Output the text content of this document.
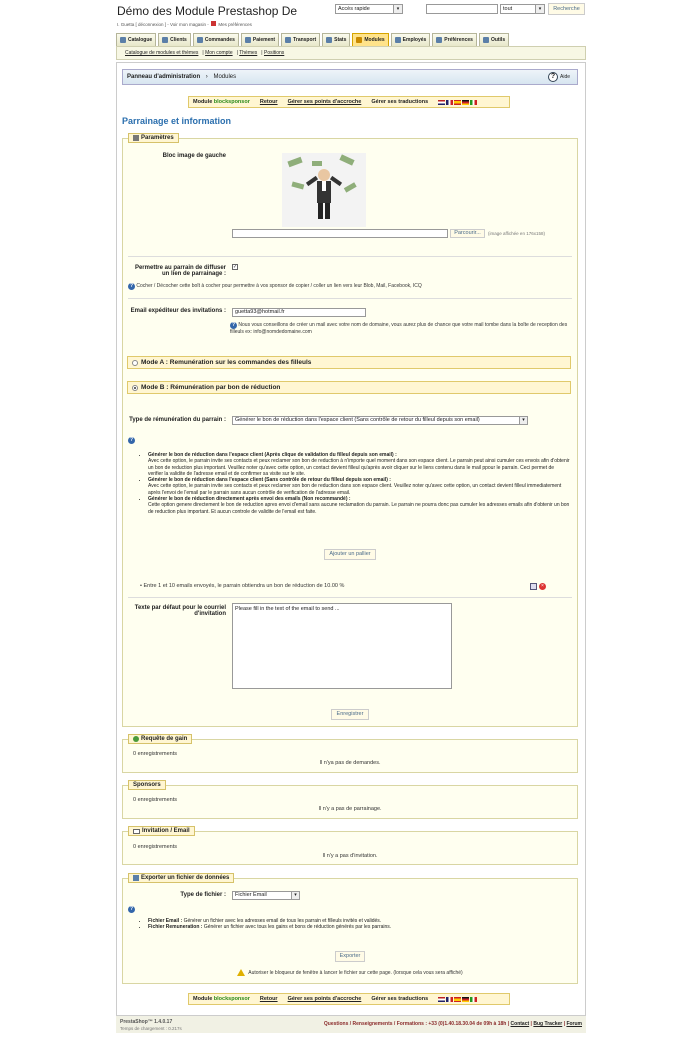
Démo des Module Prestashop De
I. Guetta [ déconnexion ] - Voir mon magasin - Mes préférences
Accès rapide	▾	tout	▾	Recherche
Catalogue	Clients	Commandes	Paiement	Transport	Stats	Modules	Employés	Préférences	Outils
Catalogue de modules et thèmes | Mon compte | Thèmes | Positions
Panneau d'administration › Modules	? Aide
Module blocksponsor Retour Gérer ses points d'accroche Gérer ses traductions
Parrainage et information
Paramètres
Bloc image de gauche
Parcourir...	(image affichée en 176x158)
Permettre au parrain de diffuser un lien de parrainage :
✓
? Cocher / Décocher cette boît à cocher pour permettre à vos sponsor de copier / coller un lien vers leur Blob, Mail, Facebook, ICQ
Email expéditeur des invitations :	guetta93@hotmail.fr
? Nous vous conseillons de créer un mail avec votre nom de domaine, vous aurez plus de chance que votre mail tombe dans la boîte de reception des filleuls ex: info@nomdedomaine.com
Mode A : Remunération sur les commandes des filleuls
Mode B : Rémunération par bon de réduction
Type de rémunération du parrain :	Générer le bon de réduction dans l'espace client (Sans contrôle de retour du filleul depuis son email)	▾
?
• Générer le bon de réduction dans l'espace client (Après clique de validation du filleul depuis son email) :
Avec cette option, le parrain invite ses contacts et peux reclamer son bon de reduction à n'importe quel moment dans son espace client. Le parrain peut ainsi cumuler ces envois afin d'obtenir un bon de reduction plus important. Veuillez noter qu'avec cette option, un contact devient filleul qu'après avoir cliquer sur le liens contenu dans le mail ppour le parrain. Ceci permet de verifier la validite de l'adresse email et de confirmer sa visite sur le site.
• Générer le bon de réduction dans l'espace client (Sans contrôle de retour du filleul depuis son email) :
Avec cette option, le parrain invite ses contacts et peux reclamer son bon de reduction dans son espace client. Veuillez noter qu'avec cette option, un contact devient filleul immediatement après l'envoi de l'email par le parrain sans aucun contrôle de verification de l'adresse email.
• Générer le bon de réduction directement après envoi des emails (Non recommandé) :
Cette option genere directement le bon de reduction apres envoi d'email sans aucune reclamation du parrain. Le parrain ne pourra donc pas cumuler les adresses emails afin d'obtenir un bon de reduction plus important. Et aucun controle de validite de l'email est faite.
Ajouter un pallier
• Entre 1 et 10 emails envoyés, le parrain obtiendra un bon de réduction de 10.00 %	×
Texte par défaut pour le courriel d'invitation
Please fill in the text of the email to send ...
Enregistrer
Requête de gain
0 enregistrements
Il n'ya pas de demandes.
Sponsors
0 enregistrements
Il n'y a pas de parrainage.
Invitation / Email
0 enregistrements
Il n'y a pas d'invitation.
Exporter un fichier de données
Type de fichier :	Fichier Email	▾
?
• Fichier Email : Générer un fichier avec les adresses email de tous les parrain et filleuls invités et validés.
• Fichier Remuneration : Générer un fichier avec tous les gains et bons de réduction générés par les parrains.
Exporter
Autoriser le bloqueur de fenêtre à lancer le fichier sur cette page. (lorsque cela vous sera affiché)
Module blocksponsor Retour Gérer ses points d'accroche Gérer ses traductions
PrestaShop™ 1.4.0.17
Temps de chargement : 0.217s
Questions / Renseignements / Formations : +33 (0)1.40.18.30.04 de 09h à 18h | Contact | Bug Tracker | Forum
